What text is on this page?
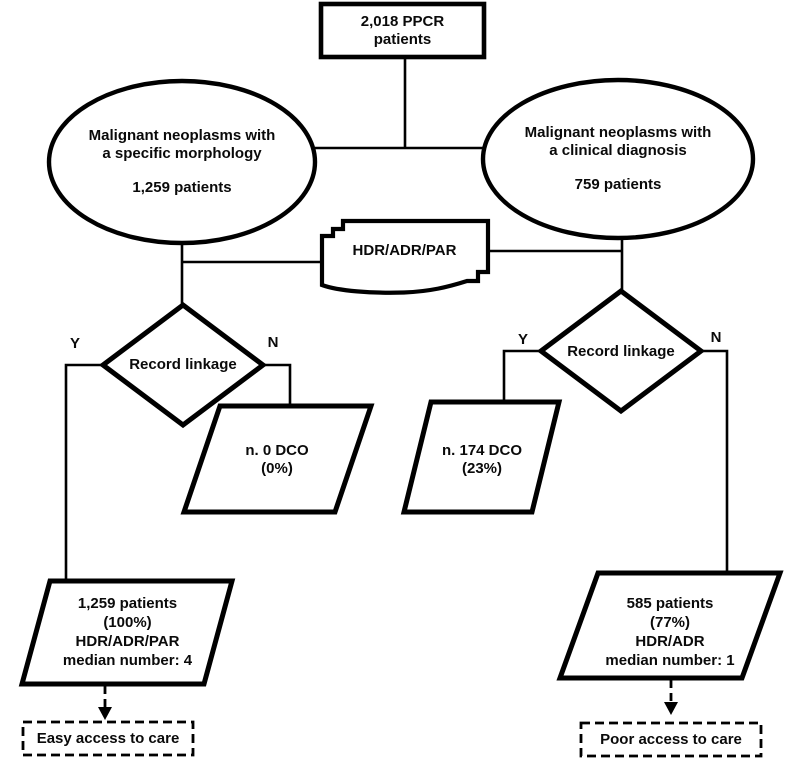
2,018 PPCR
patients
Malignant neoplasms with
a specific morphology
1,259 patients
Malignant neoplasms with
a clinical diagnosis
759 patients
HDR/ADR/PAR
Record linkage
Y	N
Record linkage
Y	N
n. 0 DCO
(0%)
n. 174 DCO
(23%)
1,259 patients
(100%)
HDR/ADR/PAR
median number: 4
585 patients
(77%)
HDR/ADR
median number: 1
Easy access to care	Poor access to care
